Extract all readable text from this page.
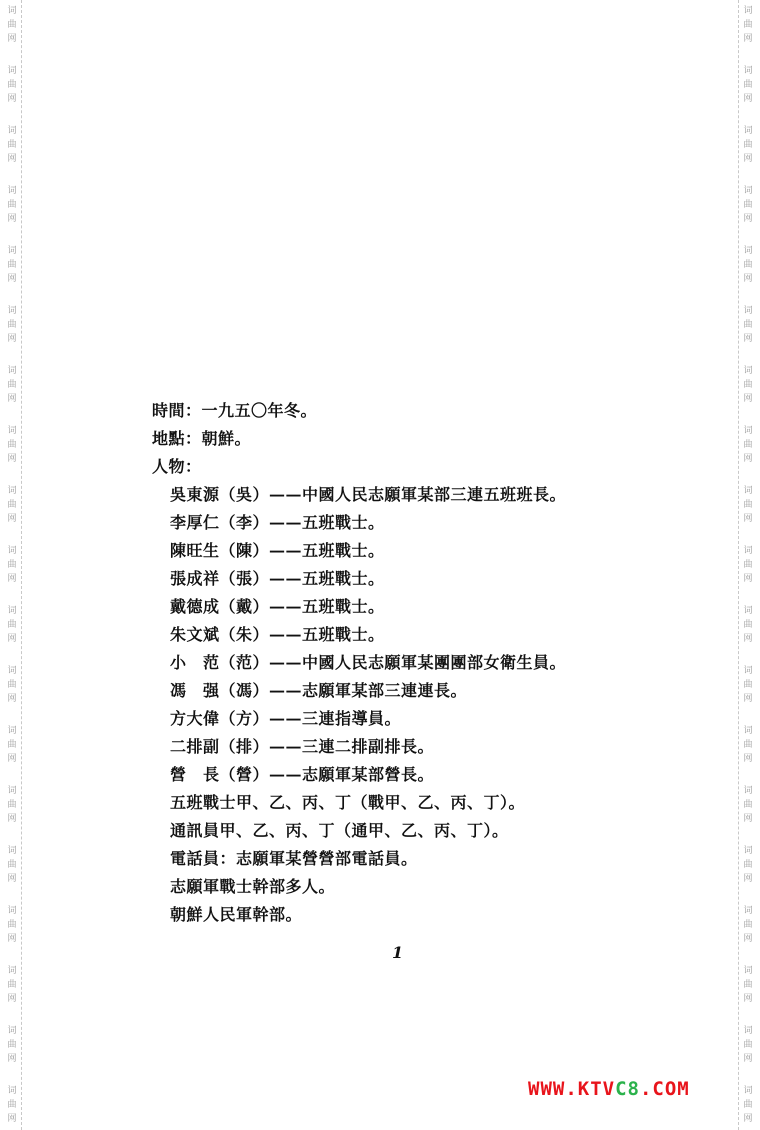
词
曲
网
词
曲
网
词
曲
网
词
曲
网
词
曲
网
词
曲
网
词
曲
网
词
曲
网
词
曲
网
词
曲
网
词
曲
网
词
曲
网
词
曲
网
词
曲
网
词
曲
网
词
曲
网
词
曲
网
词
曲
网
词
曲
网
词
曲
网
词
曲
网
词
曲
网
词
曲
网
词
曲
网
词
曲
网
词
曲
网
词
曲
网
词
曲
网
词
曲
网
词
曲
网
词
曲
网
词
曲
网
词
曲
网
词
曲
网
词
曲
网
词
曲
网
词
曲
网
词
曲
网
時間：一九五〇年冬。
地點：朝鮮。
人物：
吳東源（吳）——中國人民志願軍某部三連五班班長。
李厚仁（李）——五班戰士。
陳旺生（陳）——五班戰士。
張成祥（張）——五班戰士。
戴德成（戴）——五班戰士。
朱文斌（朱）——五班戰士。
小　范（范）——中國人民志願軍某團團部女衛生員。
馮　强（馮）——志願軍某部三連連長。
方大偉（方）——三連指導員。
二排副（排）——三連二排副排長。
營　長（營）——志願軍某部營長。
五班戰士甲、乙、丙、丁（戰甲、乙、丙、丁）。
通訊員甲、乙、丙、丁（通甲、乙、丙、丁）。
電話員：志願軍某營營部電話員。
志願軍戰士幹部多人。
朝鮮人民軍幹部。
1
WWW.KTVC8.COM
